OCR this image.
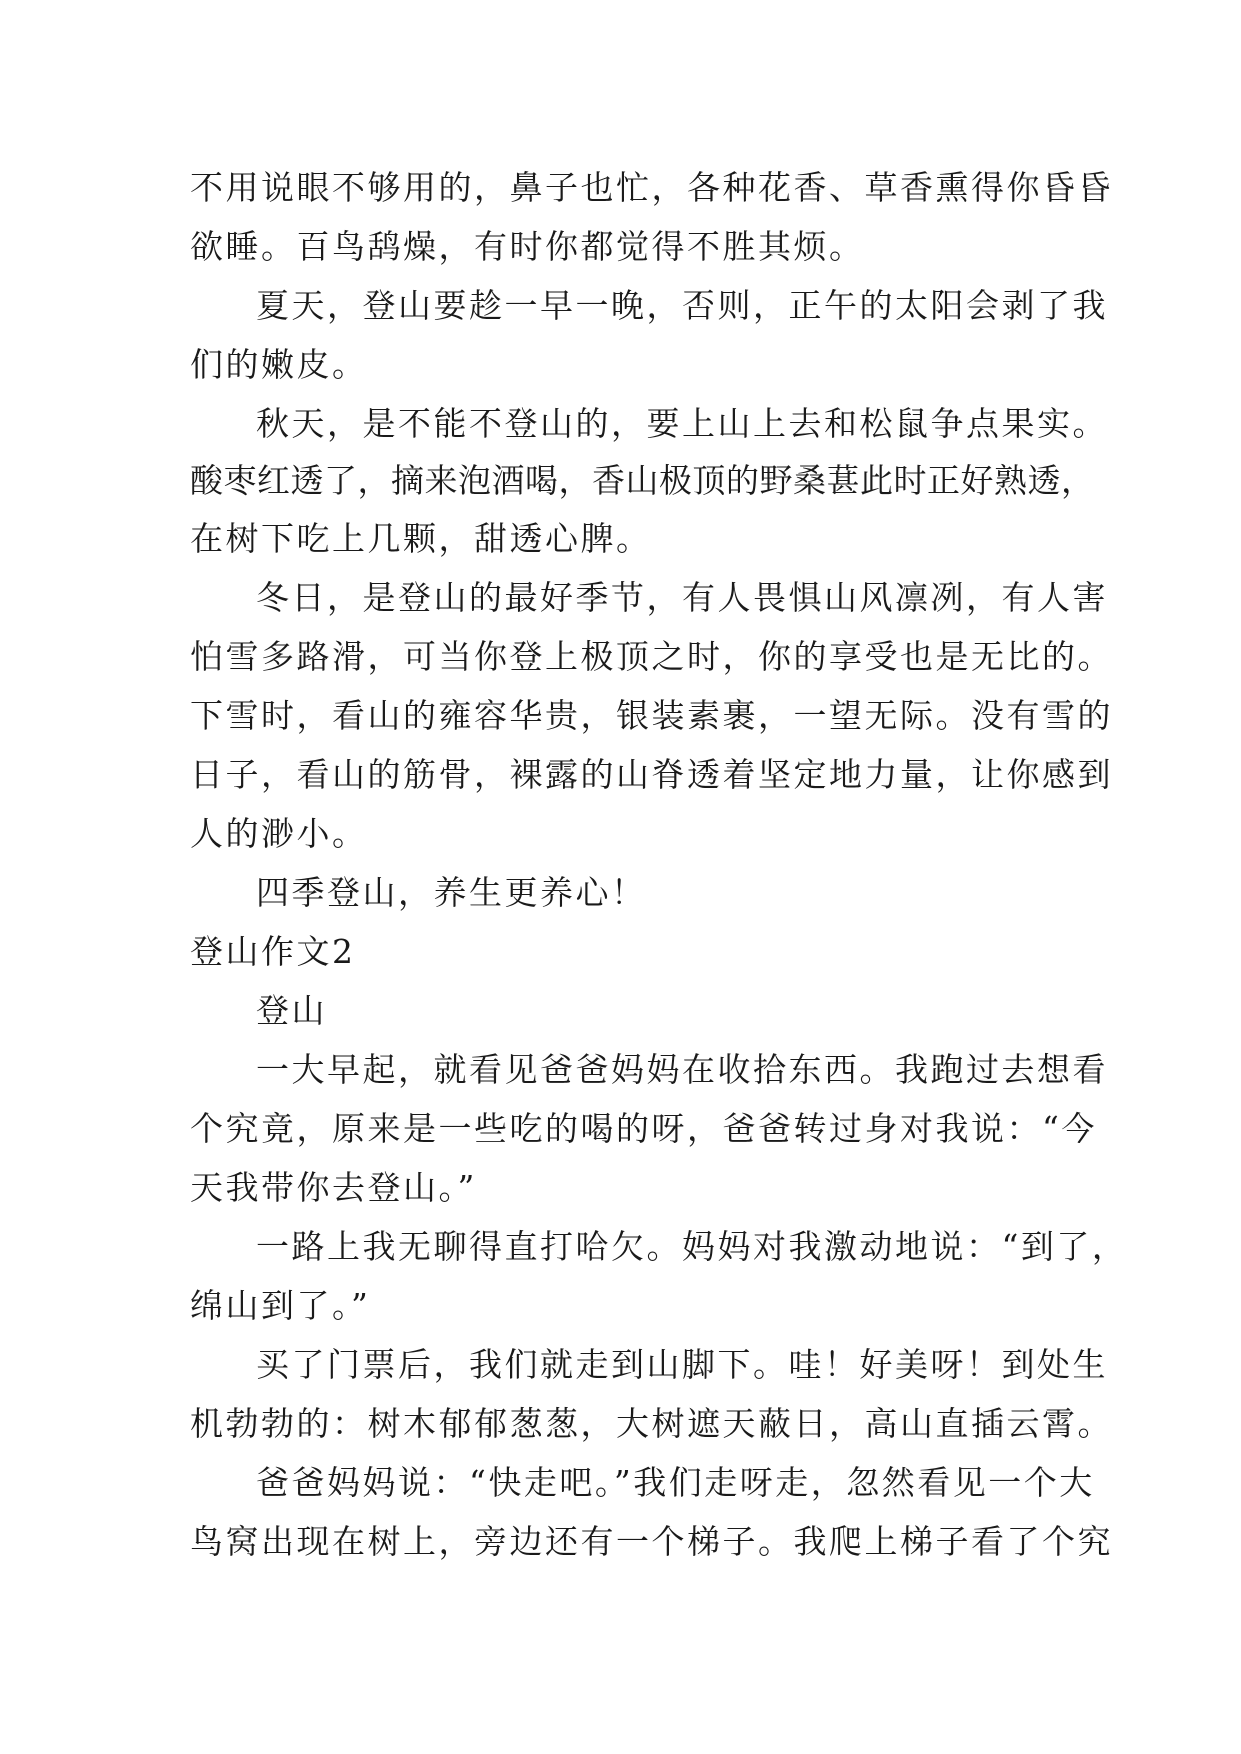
不用说眼不够用的，鼻子也忙，各种花香、草香熏得你昏昏
欲睡。百鸟鸹燥，有时你都觉得不胜其烦。
夏天，登山要趁一早一晚，否则，正午的太阳会剥了我
们的嫩皮。
秋天，是不能不登山的，要上山上去和松鼠争点果实。
酸枣红透了，摘来泡酒喝，香山极顶的野桑葚此时正好熟透，
在树下吃上几颗，甜透心脾。
冬日，是登山的最好季节，有人畏惧山风凛冽，有人害
怕雪多路滑，可当你登上极顶之时，你的享受也是无比的。
下雪时，看山的雍容华贵，银装素裹，一望无际。没有雪的
日子，看山的筋骨，裸露的山脊透着坚定地力量，让你感到
人的渺小。
四季登山，养生更养心！
登山作文2
登山
一大早起，就看见爸爸妈妈在收拾东西。我跑过去想看
个究竟，原来是一些吃的喝的呀，爸爸转过身对我说：“今
天我带你去登山。”
一路上我无聊得直打哈欠。妈妈对我激动地说：“到了，
绵山到了。”
买了门票后，我们就走到山脚下。哇！好美呀！到处生
机勃勃的：树木郁郁葱葱，大树遮天蔽日，高山直插云霄。
爸爸妈妈说：“快走吧。”我们走呀走，忽然看见一个大
鸟窝出现在树上，旁边还有一个梯子。我爬上梯子看了个究
